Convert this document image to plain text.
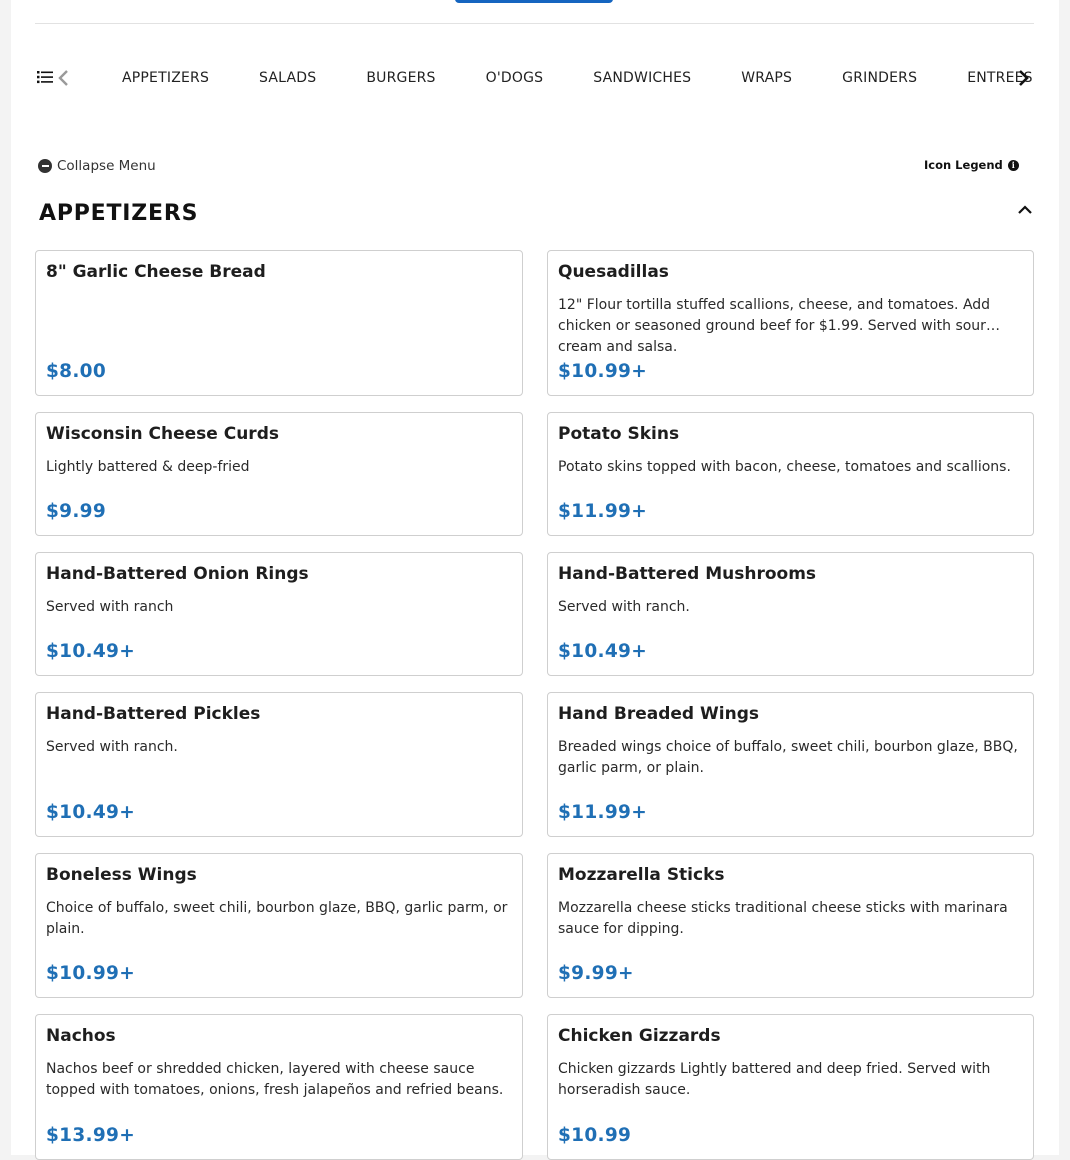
APPETIZERS	SALADS	BURGERS	O'DOGS	SANDWICHES	WRAPS	GRINDERS	ENTREES
Collapse Menu	Icon Legend	i
APPETIZERS
8" Garlic Cheese Bread
$8.00
Quesadillas
12" Flour tortilla stuffed scallions, cheese, and tomatoes. Add chicken or seasoned ground beef for $1.99. Served with sour cream and salsa.
$10.99+
Wisconsin Cheese Curds
Lightly battered & deep-fried
$9.99
Potato Skins
Potato skins topped with bacon, cheese, tomatoes and scallions.
$11.99+
Hand-Battered Onion Rings
Served with ranch
$10.49+
Hand-Battered Mushrooms
Served with ranch.
$10.49+
Hand-Battered Pickles
Served with ranch.
$10.49+
Hand Breaded Wings
Breaded wings choice of buffalo, sweet chili, bourbon glaze, BBQ, garlic parm, or plain.
$11.99+
Boneless Wings
Choice of buffalo, sweet chili, bourbon glaze, BBQ, garlic parm, or plain.
$10.99+
Mozzarella Sticks
Mozzarella cheese sticks traditional cheese sticks with marinara sauce for dipping.
$9.99+
Nachos
Nachos beef or shredded chicken, layered with cheese sauce topped with tomatoes, onions, fresh jalapeños and refried beans.
$13.99+
Chicken Gizzards
Chicken gizzards Lightly battered and deep fried. Served with horseradish sauce.
$10.99
